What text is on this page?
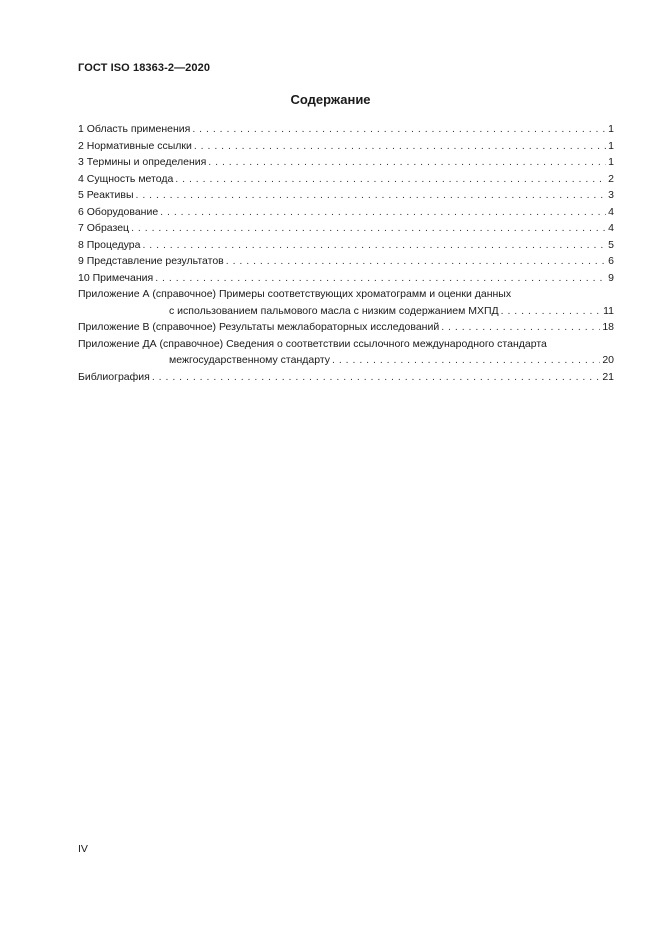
ГОСТ ISO 18363-2—2020
Содержание
1 Область применения . . .	1
2 Нормативные ссылки . . .	1
3 Термины и определения . . .	1
4 Сущность метода . . .	2
5 Реактивы . . .	3
6 Оборудование . . .	4
7 Образец . . .	4
8 Процедура . . .	5
9 Представление результатов . . .	6
10 Примечания . . .	9
Приложение А (справочное) Примеры соответствующих хроматограмм и оценки данных
с использованием пальмового масла с низким содержанием МХПД . . .	11
Приложение В (справочное) Результаты межлабораторных исследований . . .	18
Приложение ДА (справочное) Сведения о соответствии ссылочного международного стандарта
межгосударственному стандарту . . .	20
Библиография . . .	21
IV
